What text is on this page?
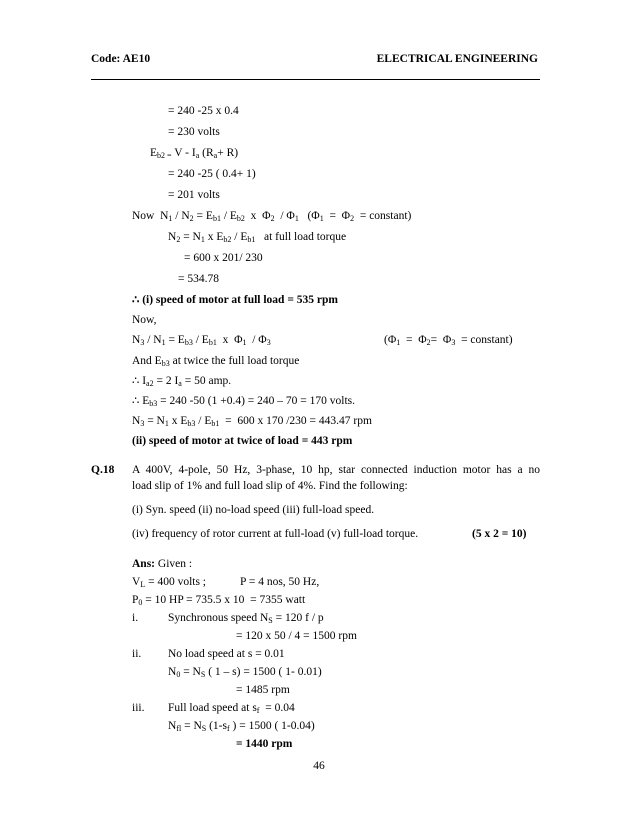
Code: AE10	ELECTRICAL ENGINEERING
= 240 -25 x 0.4
= 230 volts
$E_{b2 =}$ V - $I_a$ $(R_a+ R)$
= 240 -25 ( 0.4+ 1)
= 201 volts
Now  $N_1 / N_2 = E_{b1} / E_{b2}$  x  $\Phi_2 / \Phi_1$   ($\Phi_1 = \Phi_2$  = constant)
$N_2 = N_1$ x $E_{b2} / E_{b1}$   at full load torque
= 600 x 201/ 230
= 534.78
∴ (i) speed of motor at full load = 535 rpm
Now,
$N_3 / N_1 = E_{b3} / E_{b1}$  x  $\Phi_1 / \Phi_3$	($\Phi_1 = \Phi_2= \Phi_3$  = constant)
And $E_{b3}$ at twice the full load torque
∴ $I_{a2} = 2$ $I_a = 50$ amp.
∴ $E_{b3} = 240$ -50 (1 +0.4) = 240 – 70 = 170 volts.
$N_3 = N_1$ x $E_{b3} / E_{b1} = 600$ x 170 /230 = 443.47 rpm
(ii) speed of motor at twice of load = 443 rpm
Q.18 A 400V, 4-pole, 50 Hz, 3-phase, 10 hp, star connected induction motor has a no
load slip of 1% and full load slip of 4%. Find the following:
(i) Syn. speed (ii) no-load speed (iii) full-load speed.
(iv) frequency of rotor current at full-load (v) full-load torque.	(5 x 2 = 10)
Ans: Given :
$V_L = 400$ volts ;	P = 4 nos, 50 Hz,
$P_0 = 10$ HP = 735.5 x 10  = 7355 watt
i.	Synchronous speed $N_S = 120$ f / p
= 120 x 50 / 4 = 1500 rpm
ii. No load speed at s = 0.01
$N_0 = N_S$ ( 1 – s) = 1500 ( 1- 0.01)
= 1485 rpm
iii. Full load speed at $s_f = 0.04$
$N_{fl} = N_S$ ($1-s_f$ ) = 1500 ( 1-0.04)
= 1440 rpm
46
